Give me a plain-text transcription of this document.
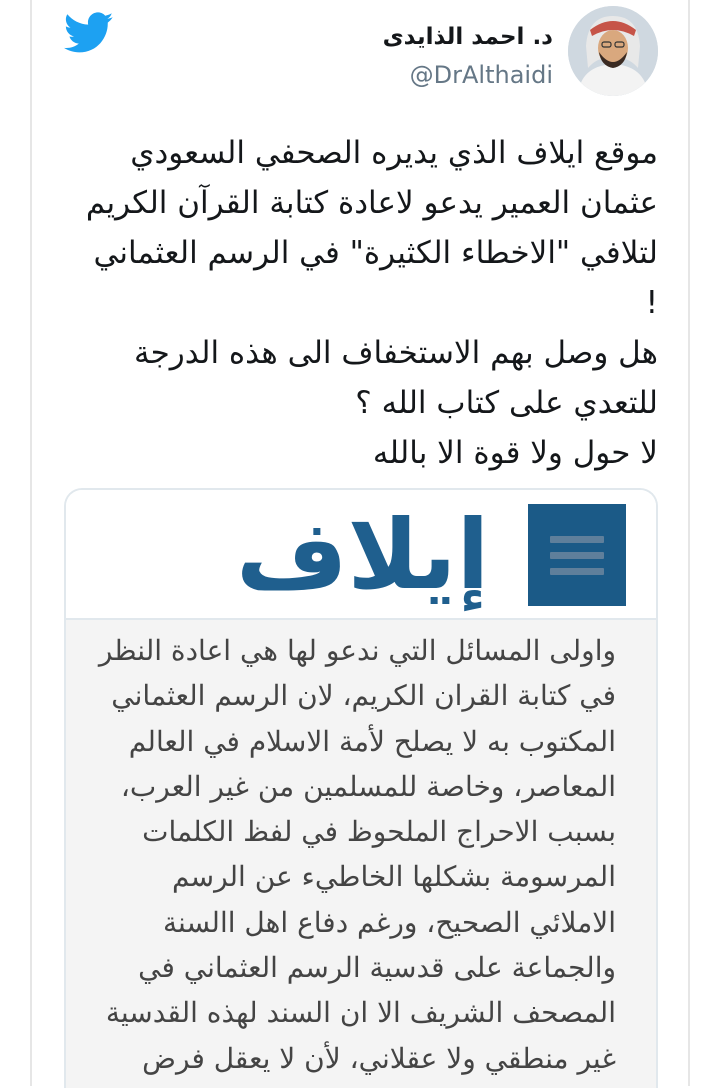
د. احمد الذايدى
@DrAlthaidi

موقع ايلاف الذي يديره الصحفي السعودي

عثمان العمير يدعو لاعادة كتابة القرآن الكريم

لتلافي "الاخطاء الكثيرة" في الرسم العثماني

!

هل وصل بهم الاستخفاف الى هذه الدرجة

للتعدي على كتاب الله ؟

لا حول ولا قوة الا بالله

إيلاف

واولى المسائل التي ندعو لها هي اعادة النظر

في كتابة القران الكريم، لان الرسم العثماني

المكتوب به لا يصلح لأمة الاسلام في العالم

المعاصر، وخاصة للمسلمين من غير العرب،

بسبب الاحراج الملحوظ في لفظ الكلمات

المرسومة بشكلها الخاطيء عن الرسم

الاملائي الصحيح، ورغم دفاع اهل االسنة

والجماعة على قدسية الرسم العثماني في

المصحف الشريف الا ان السند لهذه القدسية

غير منطقي ولا عقلاني، لأن لا يعقل فرض
